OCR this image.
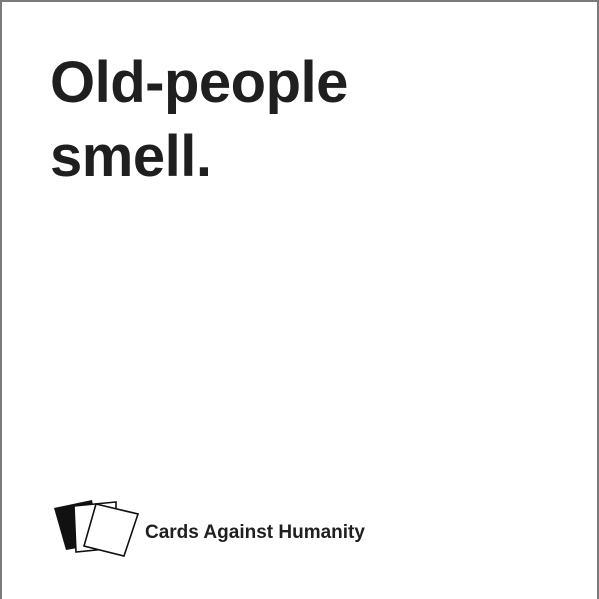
Old-people
smell.
Cards Against Humanity
